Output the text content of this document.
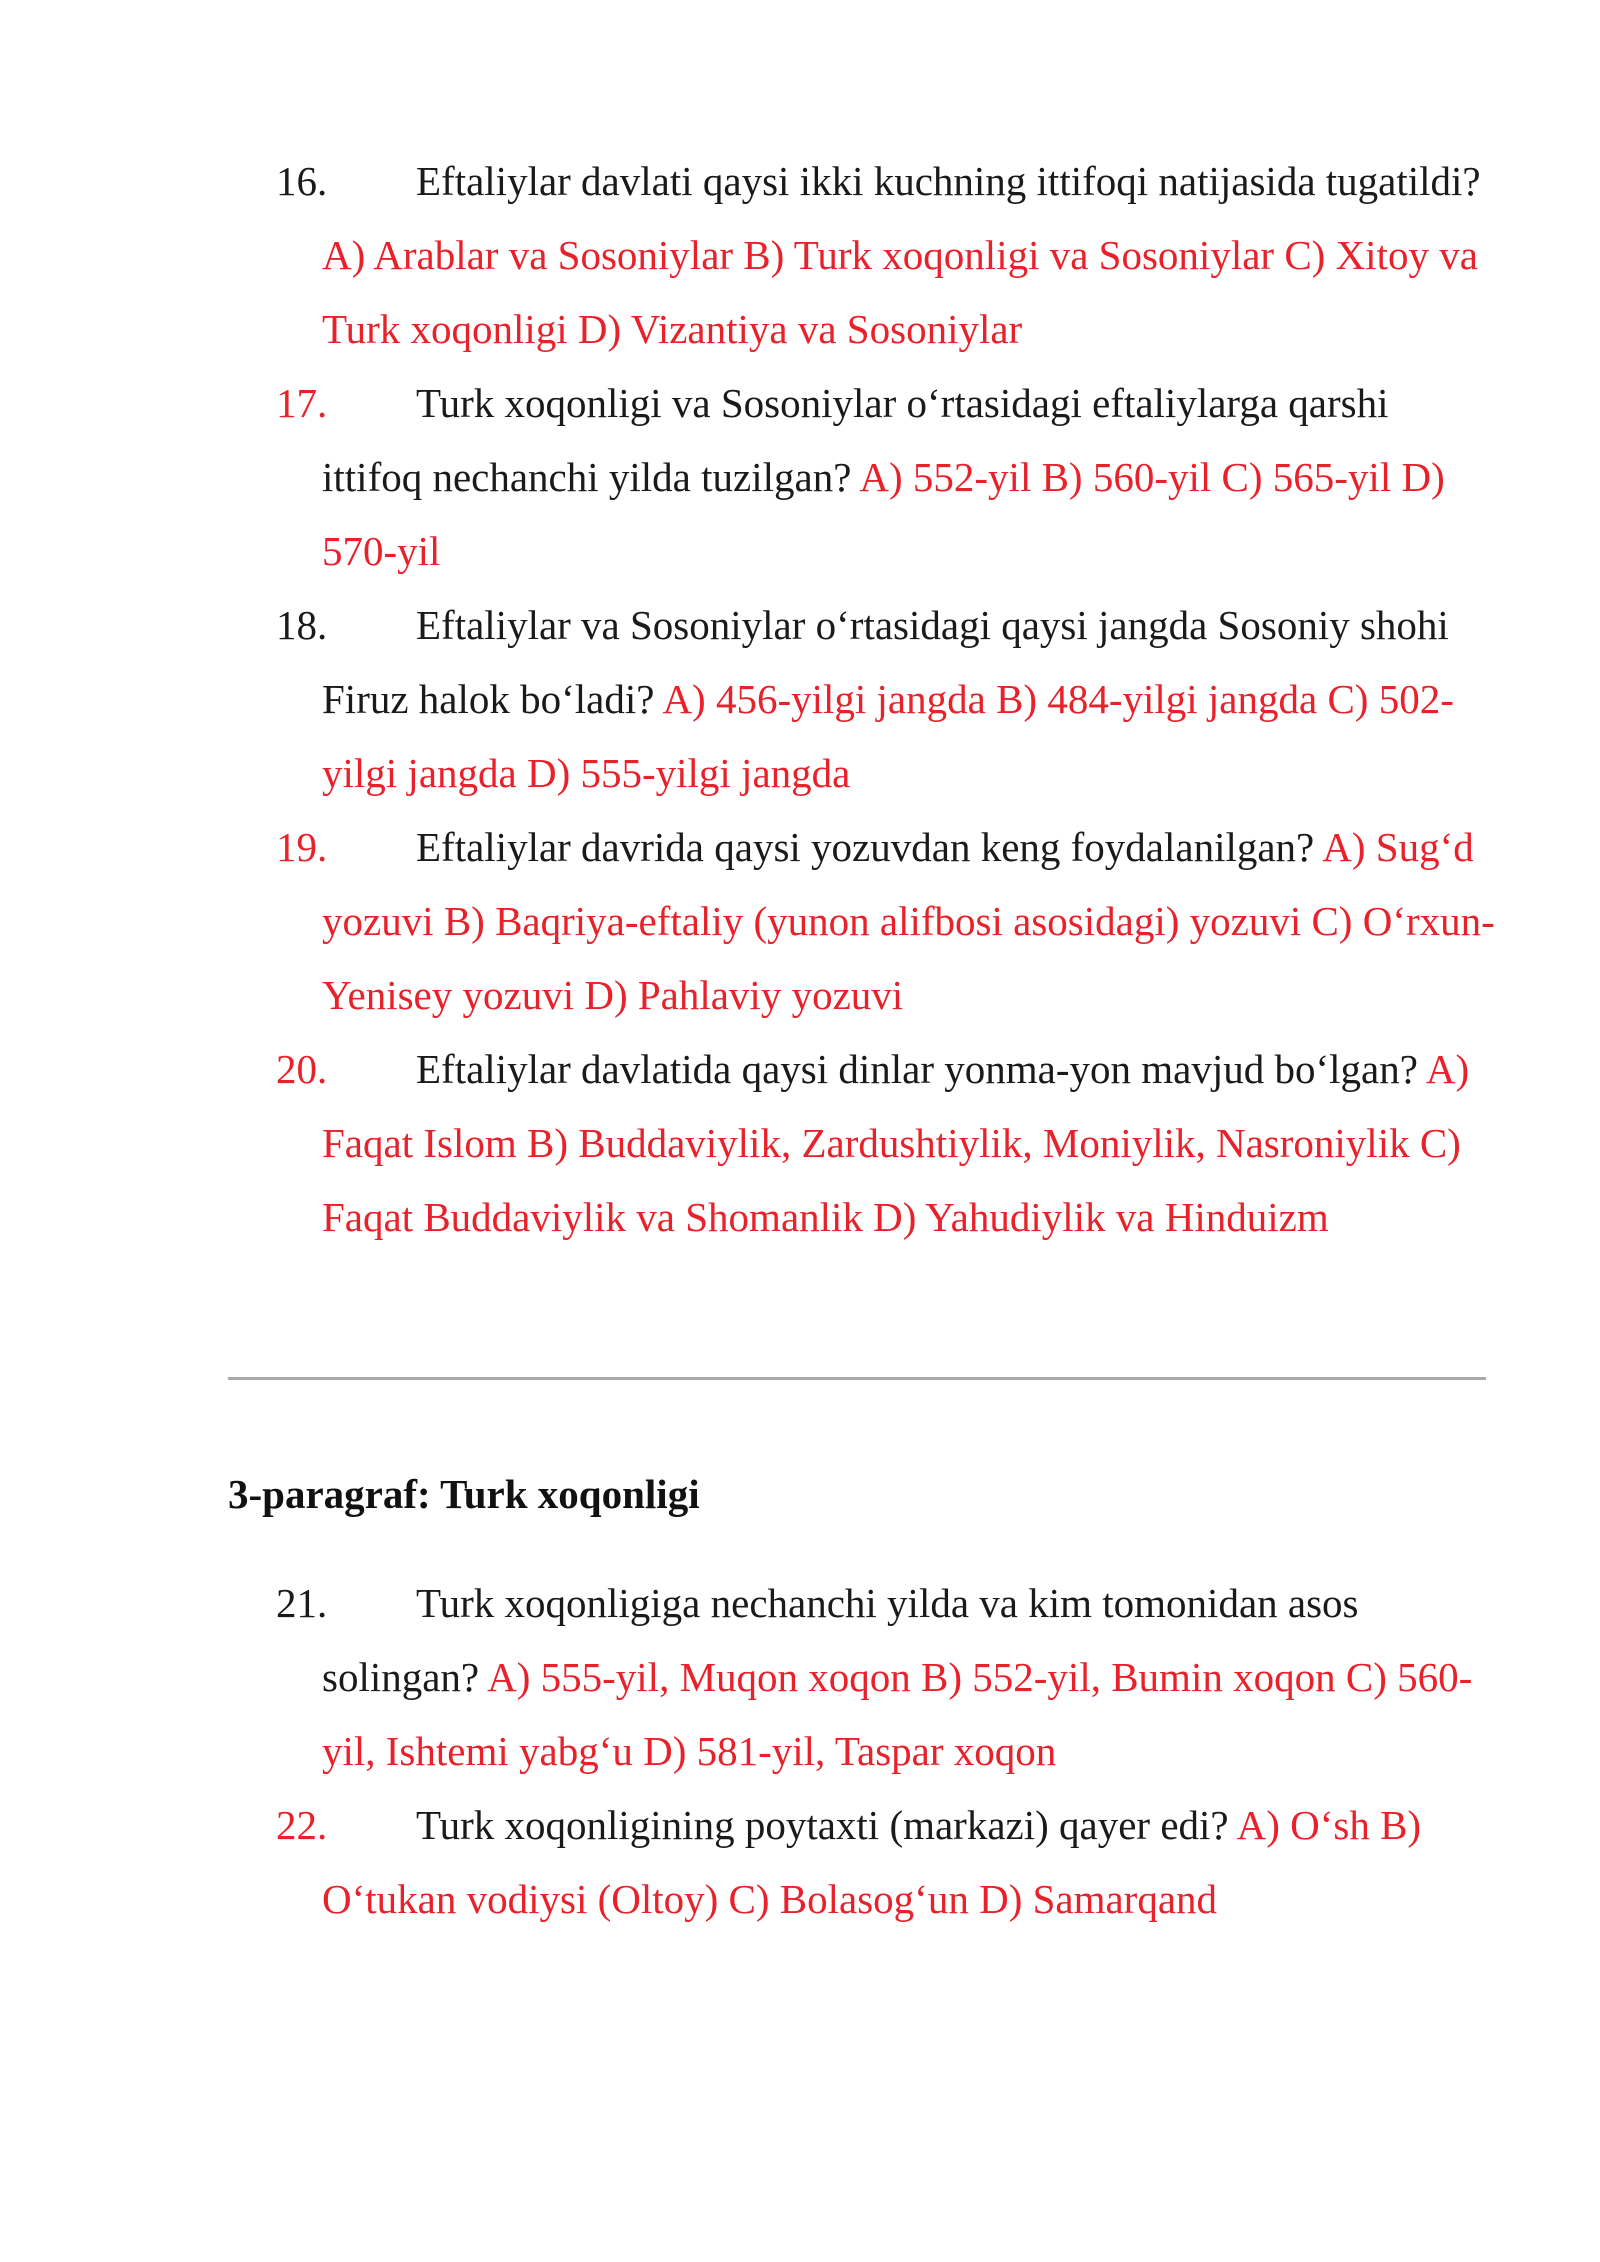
16.	Eftaliylar davlati qaysi ikki kuchning ittifoqi natijasida tugatildi? A) Arablar va Sosoniylar B) Turk xoqonligi va Sosoniylar C) Xitoy va Turk xoqonligi D) Vizantiya va Sosoniylar
17.	Turk xoqonligi va Sosoniylar o‘rtasidagi eftaliylarga qarshi ittifoq nechanchi yilda tuzilgan? A) 552-yil B) 560-yil C) 565-yil D) 570-yil
18.	Eftaliylar va Sosoniylar o‘rtasidagi qaysi jangda Sosoniy shohi Firuz halok bo‘ladi? A) 456-yilgi jangda B) 484-yilgi jangda C) 502-yilgi jangda D) 555-yilgi jangda
19.	Eftaliylar davrida qaysi yozuvdan keng foydalanilgan? A) Sug‘d yozuvi B) Baqriya-eftaliy (yunon alifbosi asosidagi) yozuvi C) O‘rxun-Yenisey yozuvi D) Pahlaviy yozuvi
20.	Eftaliylar davlatida qaysi dinlar yonma-yon mavjud bo‘lgan? A) Faqat Islom B) Buddaviylik, Zardushtiylik, Moniylik, Nasroniylik C) Faqat Buddaviylik va Shomanlik D) Yahudiylik va Hinduizm
3-paragraf: Turk xoqonligi
21.	Turk xoqonligiga nechanchi yilda va kim tomonidan asos solingan? A) 555-yil, Muqon xoqon B) 552-yil, Bumin xoqon C) 560-yil, Ishtemi yabg‘u D) 581-yil, Taspar xoqon
22.	Turk xoqonligining poytaxti (markazi) qayer edi? A) O‘sh B) O‘tukan vodiysi (Oltoy) C) Bolasog‘un D) Samarqand
